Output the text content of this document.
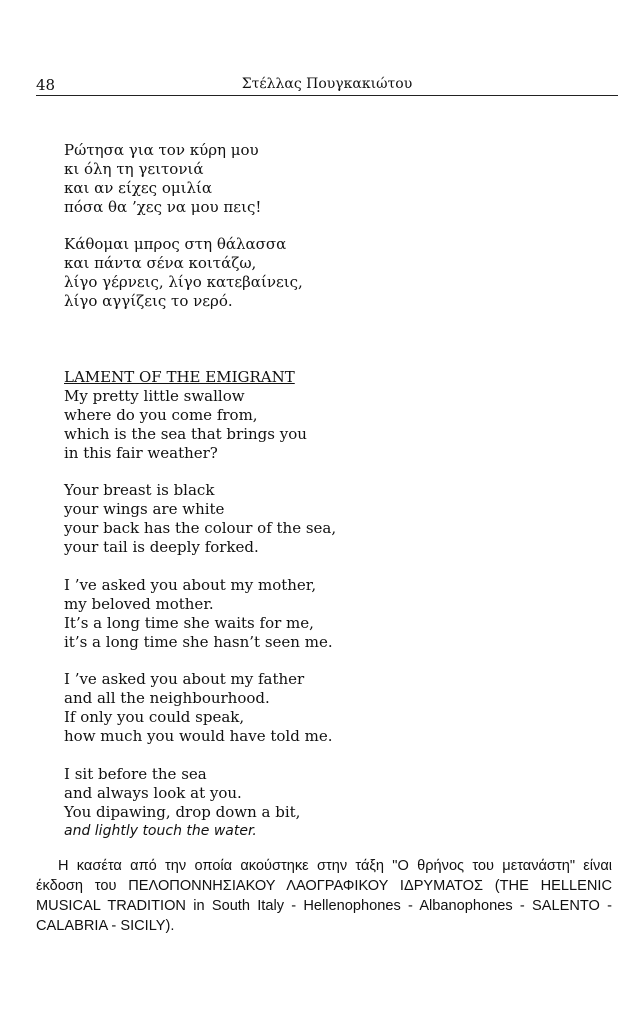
48	Στέλλας Πουγκακιώτου
Ρώτησα για τον κύρη μου
κι όλη τη γειτονιά
και αν είχες ομιλία
πόσα θα ’χες να μου πεις!
Κάθομαι μπρος στη θάλασσα
και πάντα σένα κοιτάζω,
λίγο γέρνεις, λίγο κατεβαίνεις,
λίγο αγγίζεις το νερό.
LAMENT OF THE EMIGRANT
My pretty little swallow
where do you come from,
which is the sea that brings you
in this fair weather?
Your breast is black
your wings are white
your back has the colour of the sea,
your tail is deeply forked.
I ’ve asked you about my mother,
my beloved mother.
It’s a long time she waits for me,
it’s a long time she hasn’t seen me.
I ’ve asked you about my father
and all the neighbourhood.
If only you could speak,
how much you would have told me.
I sit before the sea
and always look at you.
You dipawing, drop down a bit,
and lightly touch the water.

Η κασέτα από την οποία ακούστηκε στην τάξη "Ο θρήνος του μετανάστη" είναι έκδοση του ΠΕΛΟΠΟΝΝΗΣΙΑΚΟΥ ΛΑΟΓΡΑΦΙΚΟΥ ΙΔΡΥΜΑΤΟΣ (THE HELLENIC MUSICAL TRADITION in South Italy - Hellenophones - Albanophones - SALENTO - CALABRIA - SICILY).
